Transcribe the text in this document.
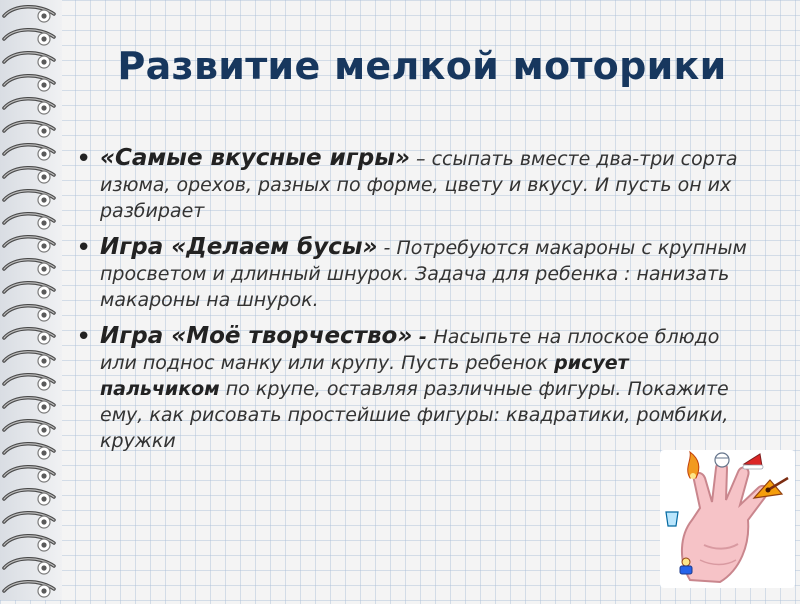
Развитие мелкой моторики
• «Самые вкусные игры» – ссыпать вместе два-три сорта изюма, орехов, разных по форме, цвету и вкусу. И пусть он их разбирает
• Игра «Делаем бусы» - Потребуются макароны с крупным просветом и длинный шнурок. Задача для ребенка : нанизать макароны на шнурок.
• Игра «Моё творчество» - Насыпьте на плоское блюдо или поднос манку или крупу. Пусть ребенок рисует пальчиком по крупе, оставляя различные фигуры. Покажите ему, как рисовать простейшие фигуры: квадратики, ромбики, кружки
